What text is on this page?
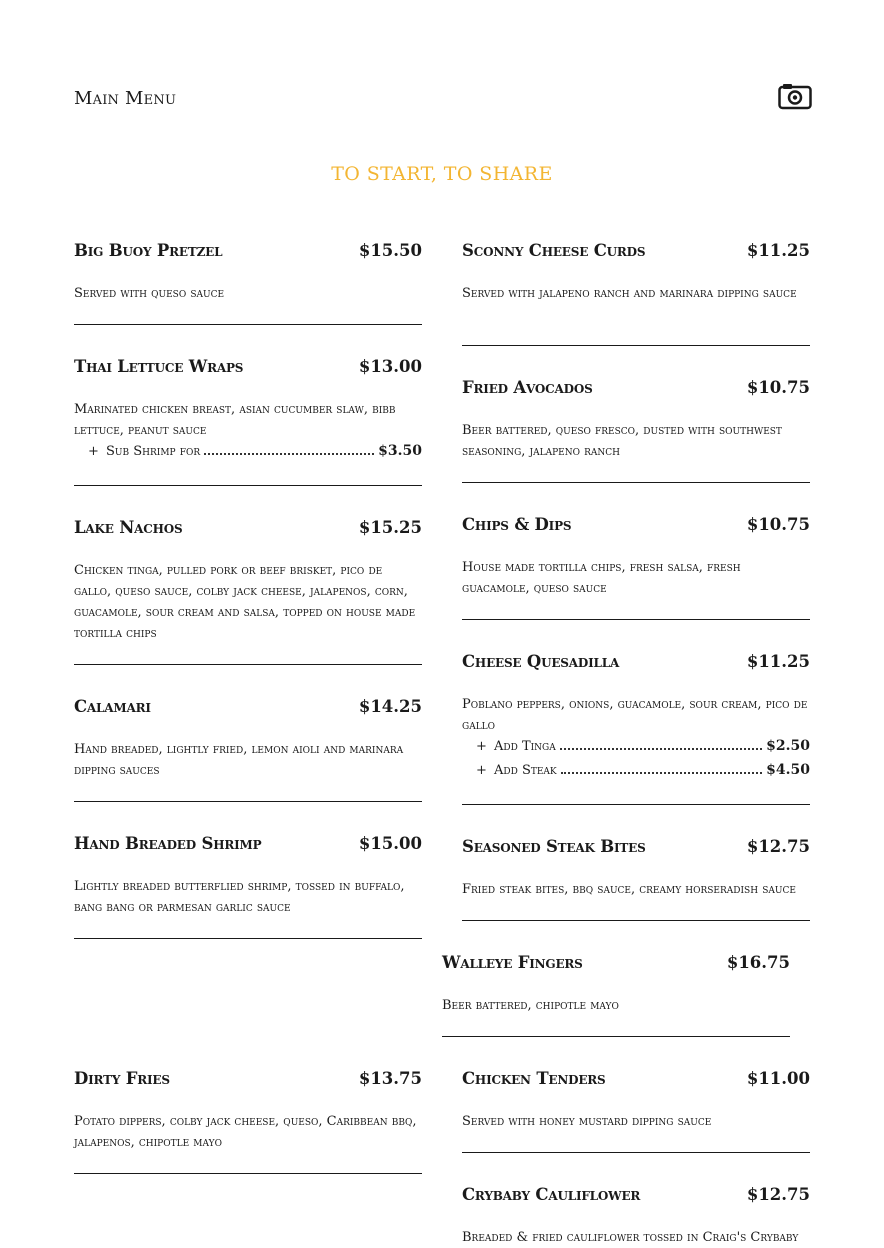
Main Menu
TO START, TO SHARE
Big Buoy Pretzel	$15.50
Served with queso sauce
Thai Lettuce Wraps	$13.00
Marinated chicken breast, asian cucumber slaw, bibb lettuce, peanut sauce
+ Sub Shrimp for	$3.50
Lake Nachos	$15.25
Chicken tinga, pulled pork or beef brisket, pico de gallo, queso sauce, colby jack cheese, jalapenos, corn, guacamole, sour cream and salsa, topped on house made tortilla chips
Calamari	$14.25
Hand breaded, lightly fried, lemon aioli and marinara dipping sauces
Hand Breaded Shrimp	$15.00
Lightly breaded butterflied shrimp, tossed in buffalo, bang bang or parmesan garlic sauce
Dirty Fries	$13.75
Potato dippers, colby jack cheese, queso, Caribbean bbq, jalapenos, chipotle mayo
Sconny Cheese Curds	$11.25
Served with jalapeno ranch and marinara dipping sauce
Fried Avocados	$10.75
Beer battered, queso fresco, dusted with southwest seasoning, jalapeno ranch
Chips & Dips	$10.75
House made tortilla chips, fresh salsa, fresh guacamole, queso sauce
Cheese Quesadilla	$11.25
Poblano peppers, onions, guacamole, sour cream, pico de gallo
+ Add Tinga	$2.50
+ Add Steak	$4.50
Seasoned Steak Bites	$12.75
Fried steak bites, bbq sauce, creamy horseradish sauce
Walleye Fingers	$16.75
Beer battered, chipotle mayo
Chicken Tenders	$11.00
Served with honey mustard dipping sauce
Crybaby Cauliflower	$12.75
Breaded & fried cauliflower tossed in Craig's Crybaby
